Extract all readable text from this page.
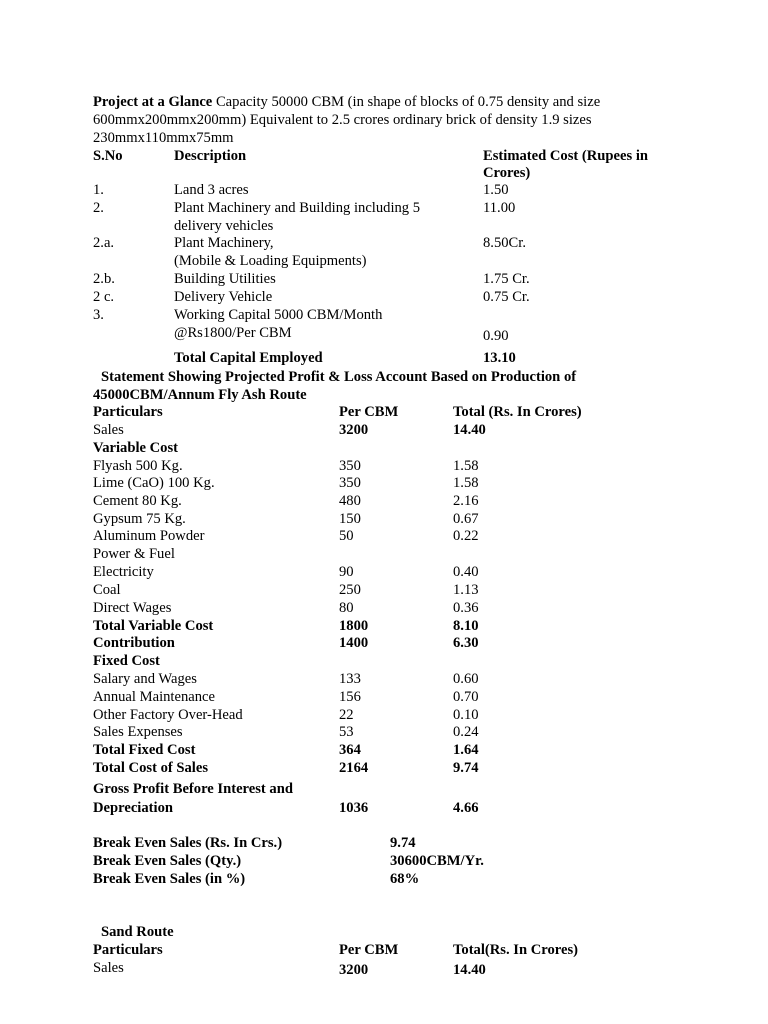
Project at a Glance Capacity 50000 CBM (in shape of blocks of 0.75 density and size
600mmx200mmx200mm) Equivalent to 2.5 crores ordinary brick of density 1.9 sizes
230mmx110mmx75mm
S.No	Description	Estimated Cost (Rupees in
Crores)
1.	Land 3 acres	1.50
2.	Plant Machinery and Building including 5	11.00
delivery vehicles
2.a.	Plant Machinery,	8.50Cr.
(Mobile & Loading Equipments)
2.b.	Building Utilities	1.75 Cr.
2 c.	Delivery Vehicle	0.75 Cr.
3.	Working Capital 5000 CBM/Month
@Rs1800/Per CBM	0.90
Total Capital Employed	13.10
Statement Showing Projected Profit & Loss Account Based on Production of
45000CBM/Annum Fly Ash Route
Particulars	Per CBM	Total (Rs. In Crores)
Sales	3200	14.40
Variable Cost
Flyash 500 Kg.	350	1.58
Lime (CaO) 100 Kg.	350	1.58
Cement 80 Kg.	480	2.16
Gypsum 75 Kg.	150	0.67
Aluminum Powder	50	0.22
Power & Fuel
Electricity	90	0.40
Coal	250	1.13
Direct Wages	80	0.36
Total Variable Cost	1800	8.10
Contribution	1400	6.30
Fixed Cost
Salary and Wages	133	0.60
Annual Maintenance	156	0.70
Other Factory Over-Head	22	0.10
Sales Expenses	53	0.24
Total Fixed Cost	364	1.64
Total Cost of Sales	2164	9.74
Gross Profit Before Interest and
Depreciation	1036	4.66
Break Even Sales (Rs. In Crs.)	9.74
Break Even Sales (Qty.)	30600CBM/Yr.
Break Even Sales (in %)	68%
Sand Route
Particulars	Per CBM	Total(Rs. In Crores)
Sales	3200	14.40
